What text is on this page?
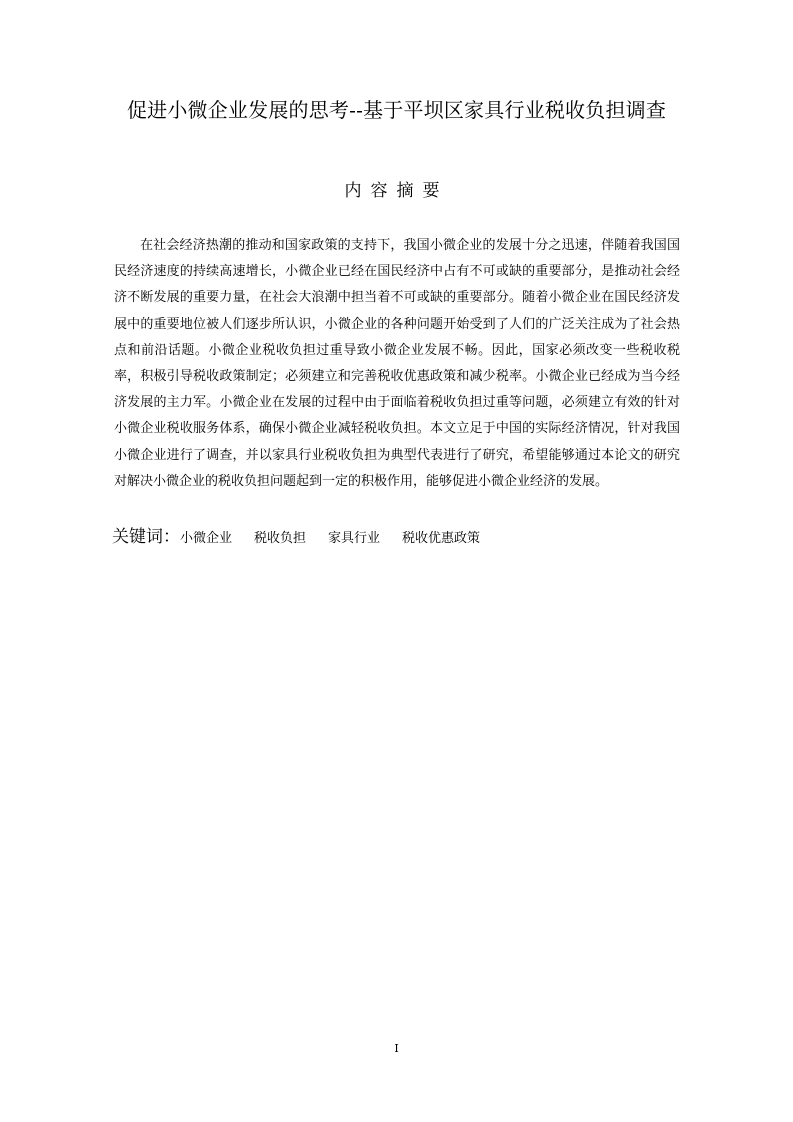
促进小微企业发展的思考--基于平坝区家具行业税收负担调查
内容摘要

在社会经济热潮的推动和国家政策的支持下，我国小微企业的发展十分之迅速，伴随着我国国民经济速度的持续高速增长，小微企业已经在国民经济中占有不可或缺的重要部分，是推动社会经济不断发展的重要力量，在社会大浪潮中担当着不可或缺的重要部分。随着小微企业在国民经济发展中的重要地位被人们逐步所认识，小微企业的各种问题开始受到了人们的广泛关注成为了社会热点和前沿话题。小微企业税收负担过重导致小微企业发展不畅。因此，国家必须改变一些税收税率，积极引导税收政策制定；必须建立和完善税收优惠政策和减少税率。小微企业已经成为当今经济发展的主力军。小微企业在发展的过程中由于面临着税收负担过重等问题，必须建立有效的针对小微企业税收服务体系，确保小微企业减轻税收负担。本文立足于中国的实际经济情况，针对我国小微企业进行了调查，并以家具行业税收负担为典型代表进行了研究，希望能够通过本论文的研究对解决小微企业的税收负担问题起到一定的积极作用，能够促进小微企业经济的发展。

关键词： 小微企业 税收负担 家具行业 税收优惠政策
I
